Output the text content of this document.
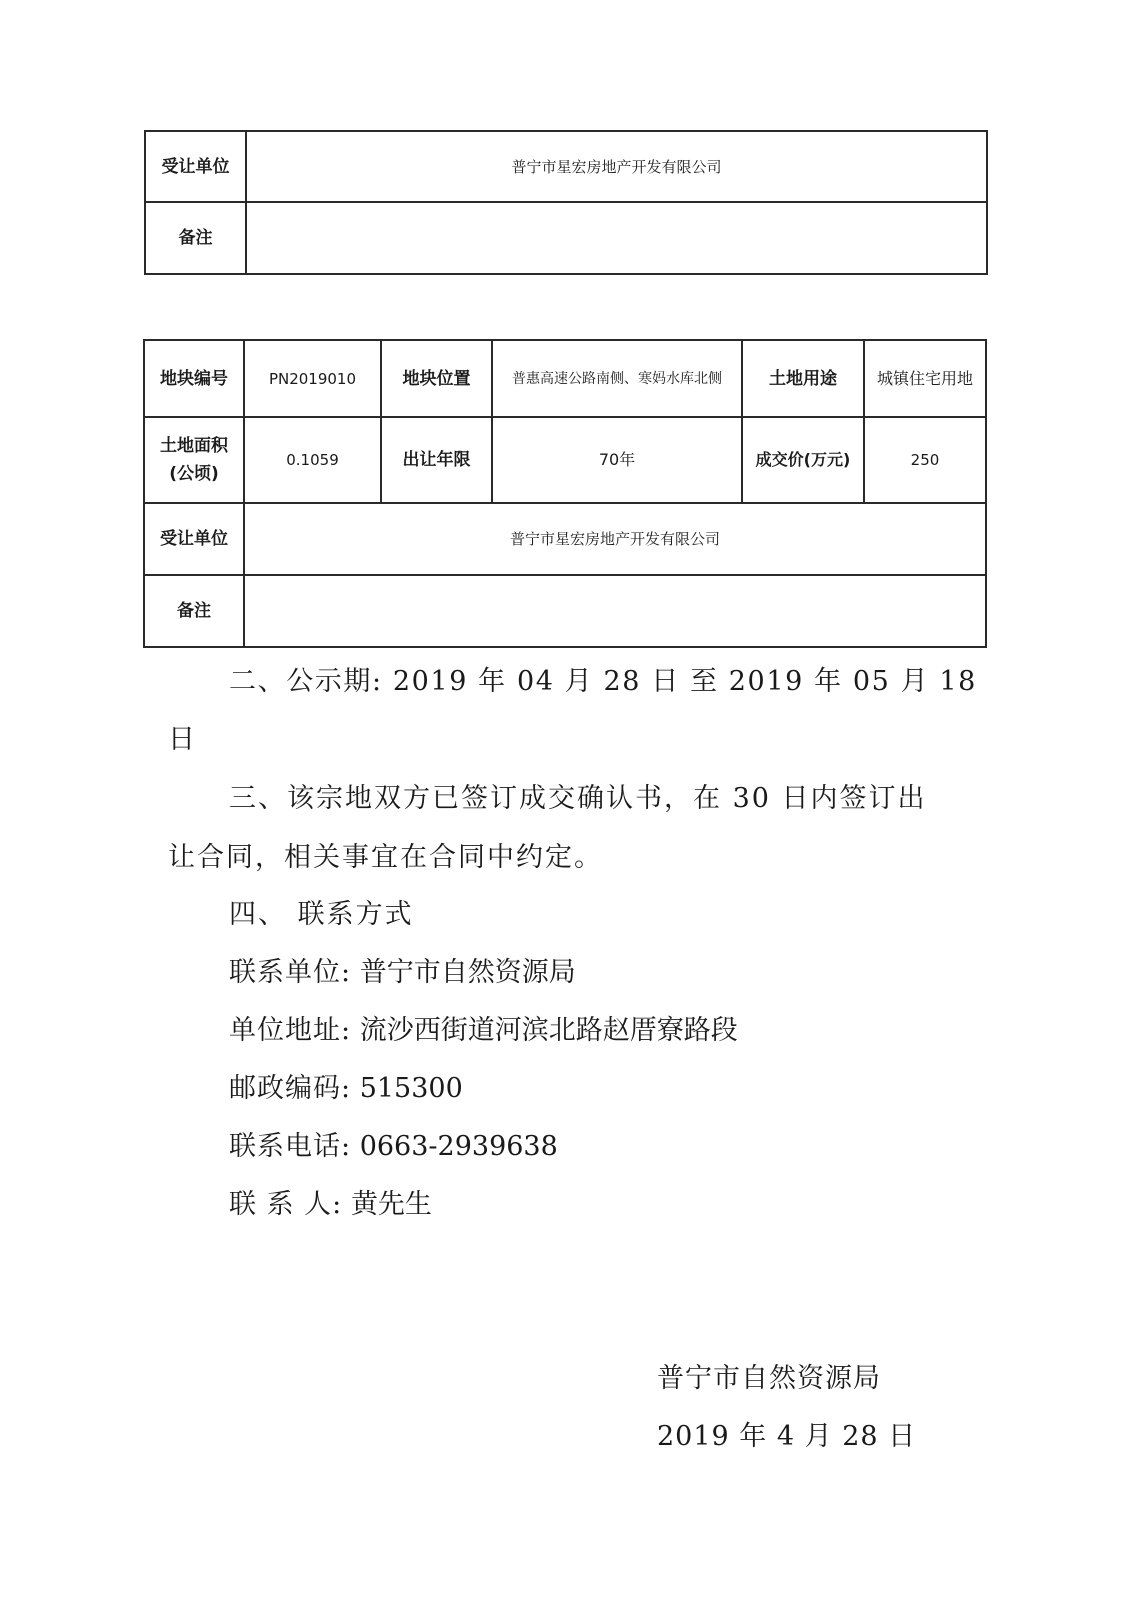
受让单位	普宁市星宏房地产开发有限公司
备注	
地块编号	PN2019010	地块位置	普惠高速公路南侧、寒妈水库北侧	土地用途	城镇住宅用地
土地面积(公顷)	0.1059	出让年限	70年	成交价(万元)	250
受让单位	普宁市星宏房地产开发有限公司				
备注					
二、公示期: 2019 年 04 月 28 日 至 2019 年 05 月 18
日
三、该宗地双方已签订成交确认书，在 30 日内签订出
让合同，相关事宜在合同中约定。
四、 联系方式
联系单位: 普宁市自然资源局
单位地址: 流沙西街道河滨北路赵厝寮路段
邮政编码: 515300
联系电话: 0663-2939638
联 系 人: 黄先生
普宁市自然资源局
2019 年 4 月 28 日
